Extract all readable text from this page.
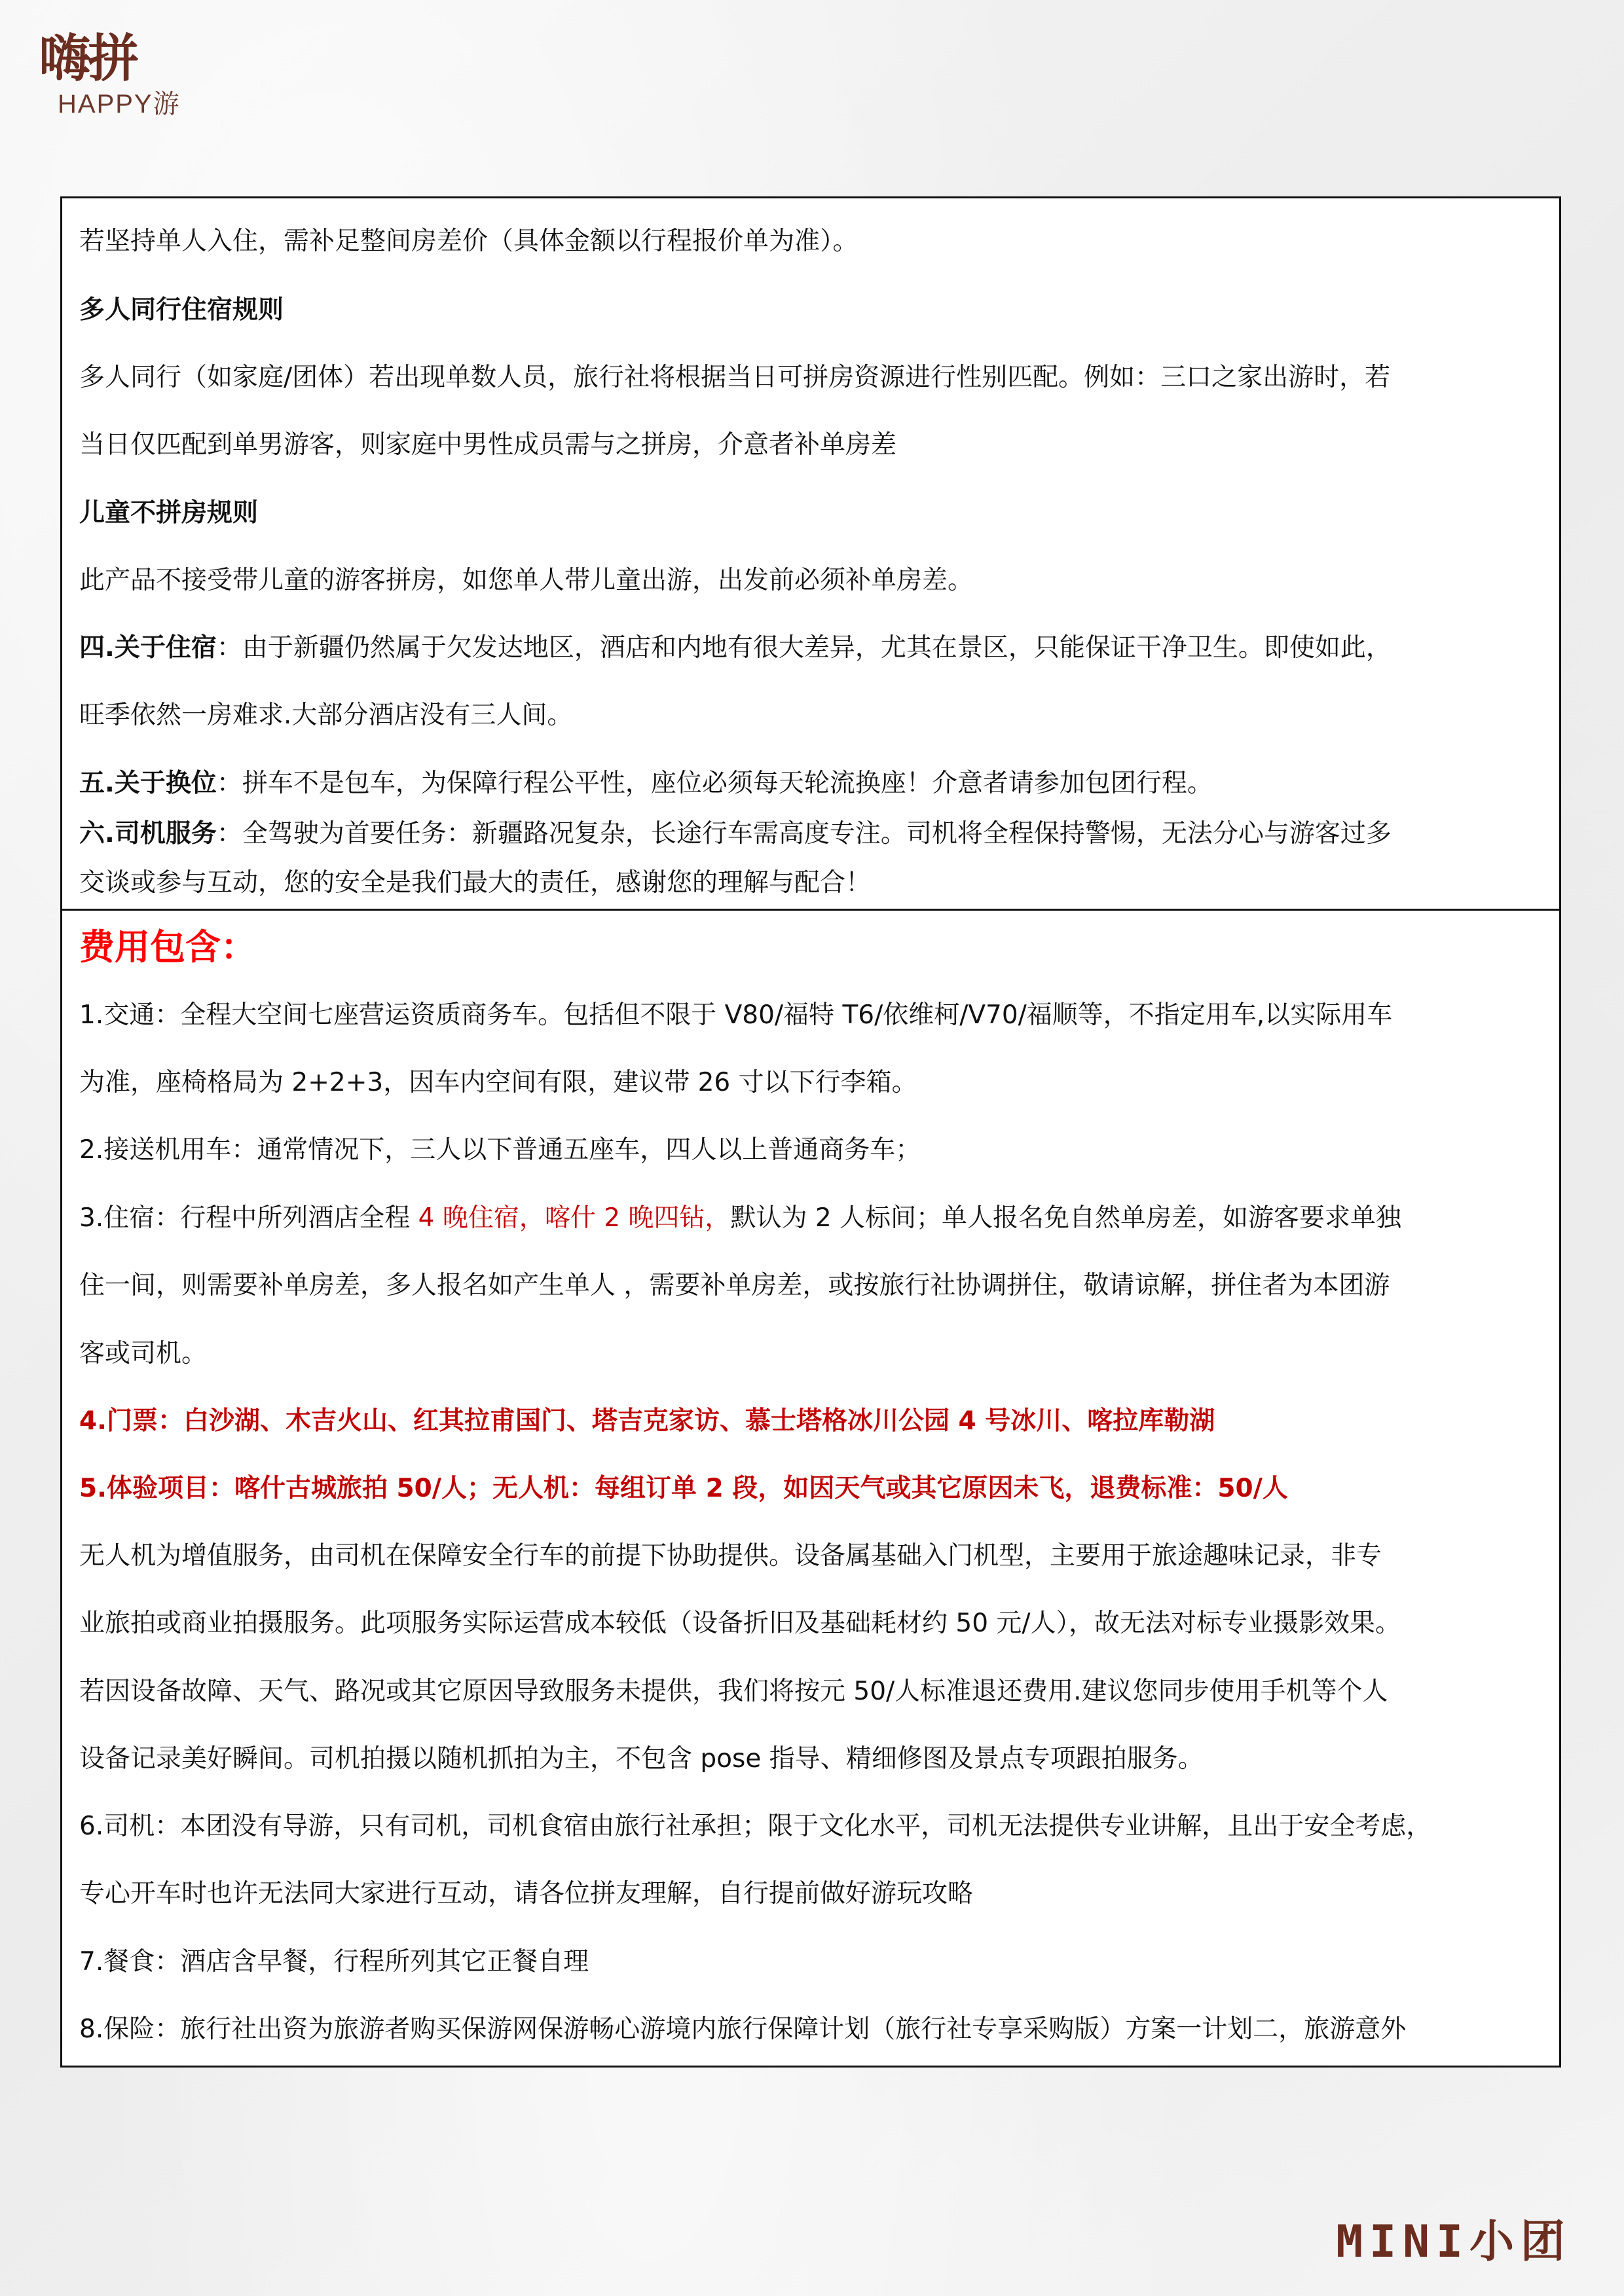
嗨拼
HAPPY游
若坚持单人入住，需补足整间房差价（具体金额以行程报价单为准）。
多人同行住宿规则
多人同行（如家庭/团体）若出现单数人员，旅行社将根据当日可拼房资源进行性别匹配。例如：三口之家出游时，若
当日仅匹配到单男游客，则家庭中男性成员需与之拼房，介意者补单房差
儿童不拼房规则
此产品不接受带儿童的游客拼房，如您单人带儿童出游，出发前必须补单房差。
四.关于住宿：由于新疆仍然属于欠发达地区，酒店和内地有很大差异，尤其在景区，只能保证干净卫生。即使如此，
旺季依然一房难求.大部分酒店没有三人间。
五.关于换位：拼车不是包车，为保障行程公平性，座位必须每天轮流换座！介意者请参加包团行程。
六.司机服务：全驾驶为首要任务：新疆路况复杂，长途行车需高度专注。司机将全程保持警惕，无法分心与游客过多
交谈或参与互动，您的安全是我们最大的责任，感谢您的理解与配合！
费用包含：
1.交通：全程大空间七座营运资质商务车。包括但不限于 V80/福特 T6/依维柯/V70/福顺等，不指定用车,以实际用车
为准，座椅格局为 2+2+3，因车内空间有限，建议带 26 寸以下行李箱。
2.接送机用车：通常情况下，三人以下普通五座车，四人以上普通商务车；
3.住宿：行程中所列酒店全程 4 晚住宿，喀什 2 晚四钻，默认为 2 人标间；单人报名免自然单房差，如游客要求单独
住一间，则需要补单房差，多人报名如产生单人 ，需要补单房差，或按旅行社协调拼住，敬请谅解，拼住者为本团游
客或司机。
4.门票：白沙湖、木吉火山、红其拉甫国门、塔吉克家访、慕士塔格冰川公园 4 号冰川、喀拉库勒湖
5.体验项目：喀什古城旅拍 50/人；无人机：每组订单 2 段，如因天气或其它原因未飞，退费标准：50/人
无人机为增值服务，由司机在保障安全行车的前提下协助提供。设备属基础入门机型，主要用于旅途趣味记录，非专
业旅拍或商业拍摄服务。此项服务实际运营成本较低（设备折旧及基础耗材约 50 元/人），故无法对标专业摄影效果。
若因设备故障、天气、路况或其它原因导致服务未提供，我们将按元 50/人标准退还费用.建议您同步使用手机等个人
设备记录美好瞬间。司机拍摄以随机抓拍为主，不包含 pose 指导、精细修图及景点专项跟拍服务。
6.司机：本团没有导游，只有司机，司机食宿由旅行社承担；限于文化水平，司机无法提供专业讲解，且出于安全考虑，
专心开车时也许无法同大家进行互动，请各位拼友理解，自行提前做好游玩攻略
7.餐食：酒店含早餐，行程所列其它正餐自理
8.保险：旅行社出资为旅游者购买保游网保游畅心游境内旅行保障计划（旅行社专享采购版）方案一计划二，旅游意外
MINI小团
